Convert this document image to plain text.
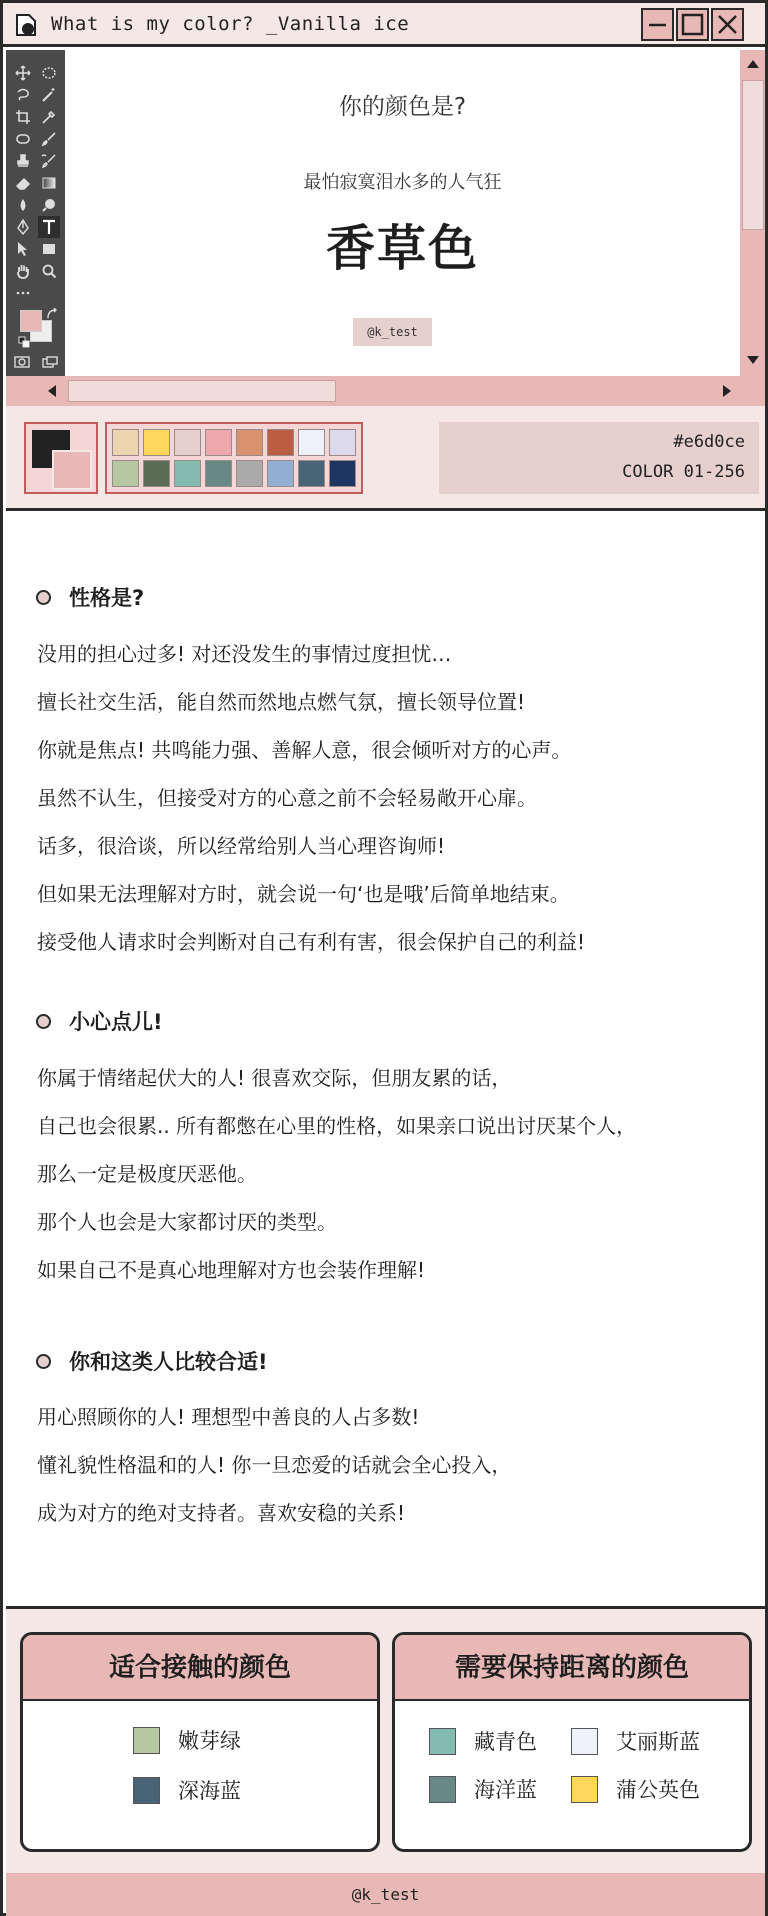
What is my color? _Vanilla ice
你的颜色是?
最怕寂寞泪水多的人气狂
香草色
@k_test
#e6d0ce
COLOR 01-256
性格是?
没用的担心过多! 对还没发生的事情过度担忧…
擅长社交生活，能自然而然地点燃气氛，擅长领导位置!
你就是焦点! 共鸣能力强、善解人意，很会倾听对方的心声。
虽然不认生，但接受对方的心意之前不会轻易敞开心扉。
话多，很洽谈，所以经常给别人当心理咨询师!
但如果无法理解对方时，就会说一句‘也是哦’后简单地结束。
接受他人请求时会判断对自己有利有害，很会保护自己的利益!
小心点儿!
你属于情绪起伏大的人! 很喜欢交际，但朋友累的话，
自己也会很累.. 所有都憋在心里的性格，如果亲口说出讨厌某个人，
那么一定是极度厌恶他。
那个人也会是大家都讨厌的类型。
如果自己不是真心地理解对方也会装作理解!
你和这类人比较合适!
用心照顾你的人! 理想型中善良的人占多数!
懂礼貌性格温和的人! 你一旦恋爱的话就会全心投入，
成为对方的绝对支持者。喜欢安稳的关系!
适合接触的颜色
嫩芽绿
深海蓝
需要保持距离的颜色
藏青色	艾丽斯蓝
海洋蓝	蒲公英色
@k_test
